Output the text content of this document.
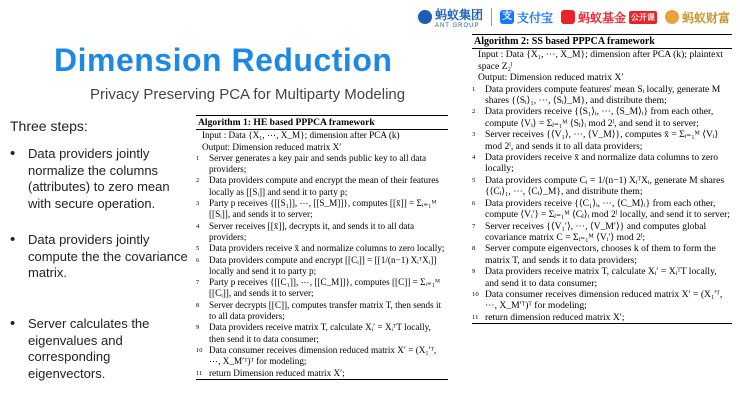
蚂蚁集团
ANT GROUP
支 支付宝 蚂蚁基金 公开课 蚂蚁财富
Dimension Reduction
Privacy Preserving PCA for Multiparty Modeling
Three steps:
• Data providers jointly normalize the columns (attributes) to zero mean with secure operation.
• Data providers jointly compute the the covariance matrix.
• Server calculates the eigenvalues and corresponding eigenvectors.
Algorithm 1: HE based PPPCA framework
Input : Data {X₁, ⋯, X_M}; dimension after PCA (k)
Output: Dimension reduced matrix X′
1 Server generates a key pair and sends public key to all data providers;
2 Data providers compute and encrypt the mean of their features locally as [[Sᵢ]] and send it to party p;
3 Party p receives {[[S₁]], ⋯, [[S_M]]}, computes [[x̄]] = Σᵢ₌₁ᴹ [[Sᵢ]], and sends it to server;
4 Server receives [[x̄]], decrypts it, and sends it to all data providers;
5 Data providers receive x̄ and normalize columns to zero locally;
6 Data providers compute and encrypt [[Cᵢ]] = [[1/(n−1) XᵢᵀXᵢ]] locally and send it to party p;
7 Party p receives {[[C₁]], ⋯, [[C_M]]}, computes [[C]] = Σᵢ₌₁ᴹ [[Cᵢ]], and sends it to server;
8 Server decrypts [[C]], computes transfer matrix T, then sends it to all data providers;
9 Data providers receive matrix T, calculate Xᵢ′ = XᵢᵀT locally, then send it to data consumer;
10 Data consumer receives dimension reduced matrix X′ = (X₁′ᵀ, ⋯, X_M′ᵀ)ᵀ for modeling;
11 return Dimension reduced matrix X′;
Algorithm 2: SS based PPPCA framework
Input : Data {X₁, ⋯, X_M}; dimension after PCA (k); plaintext space Z₂ˡ
Output: Dimension reduced matrix X′
1 Data providers compute features' mean Sᵢ locally, generate M shares {⟨Sᵢ⟩₁, ⋯, ⟨Sᵢ⟩_M}, and distribute them;
2 Data providers receive {⟨S₁⟩ᵢ, ⋯, ⟨S_M⟩ᵢ} from each other, compute ⟨Vᵢ⟩ = Σⱼ₌₁ᴹ ⟨Sⱼ⟩ᵢ mod 2ˡ, and send it to server;
3 Server receives {⟨V₁⟩, ⋯, ⟨V_M⟩}, computes x̄ = Σᵢ₌₁ᴹ ⟨Vᵢ⟩ mod 2ˡ, and sends it to all data providers;
4 Data providers receive x̄ and normalize data columns to zero locally;
5 Data providers compute Cᵢ = 1/(n−1) XᵢᵀXᵢ, generate M shares {⟨Cᵢ⟩₁, ⋯, ⟨Cᵢ⟩_M}, and distribute them;
6 Data providers receive {⟨C₁⟩ᵢ, ⋯, ⟨C_M⟩ᵢ} from each other, compute ⟨Vᵢ′⟩ = Σⱼ₌₁ᴹ ⟨Cⱼ⟩ᵢ mod 2ˡ locally, and send it to server;
7 Server receives {⟨V₁′⟩, ⋯, ⟨V_M′⟩} and computes global covariance matrix C = Σᵢ₌₁ᴹ ⟨Vᵢ′⟩ mod 2ˡ;
8 Server compute eigenvectors, chooses k of them to form the matrix T, and sends it to data providers;
9 Data providers receive matrix T, calculate Xᵢ′ = XᵢᵀT locally, and send it to data consumer;
10 Data consumer receives dimension reduced matrix X′ = (X₁′ᵀ, ⋯, X_M′ᵀ)ᵀ for modeling;
11 return dimension reduced matrix X′;
